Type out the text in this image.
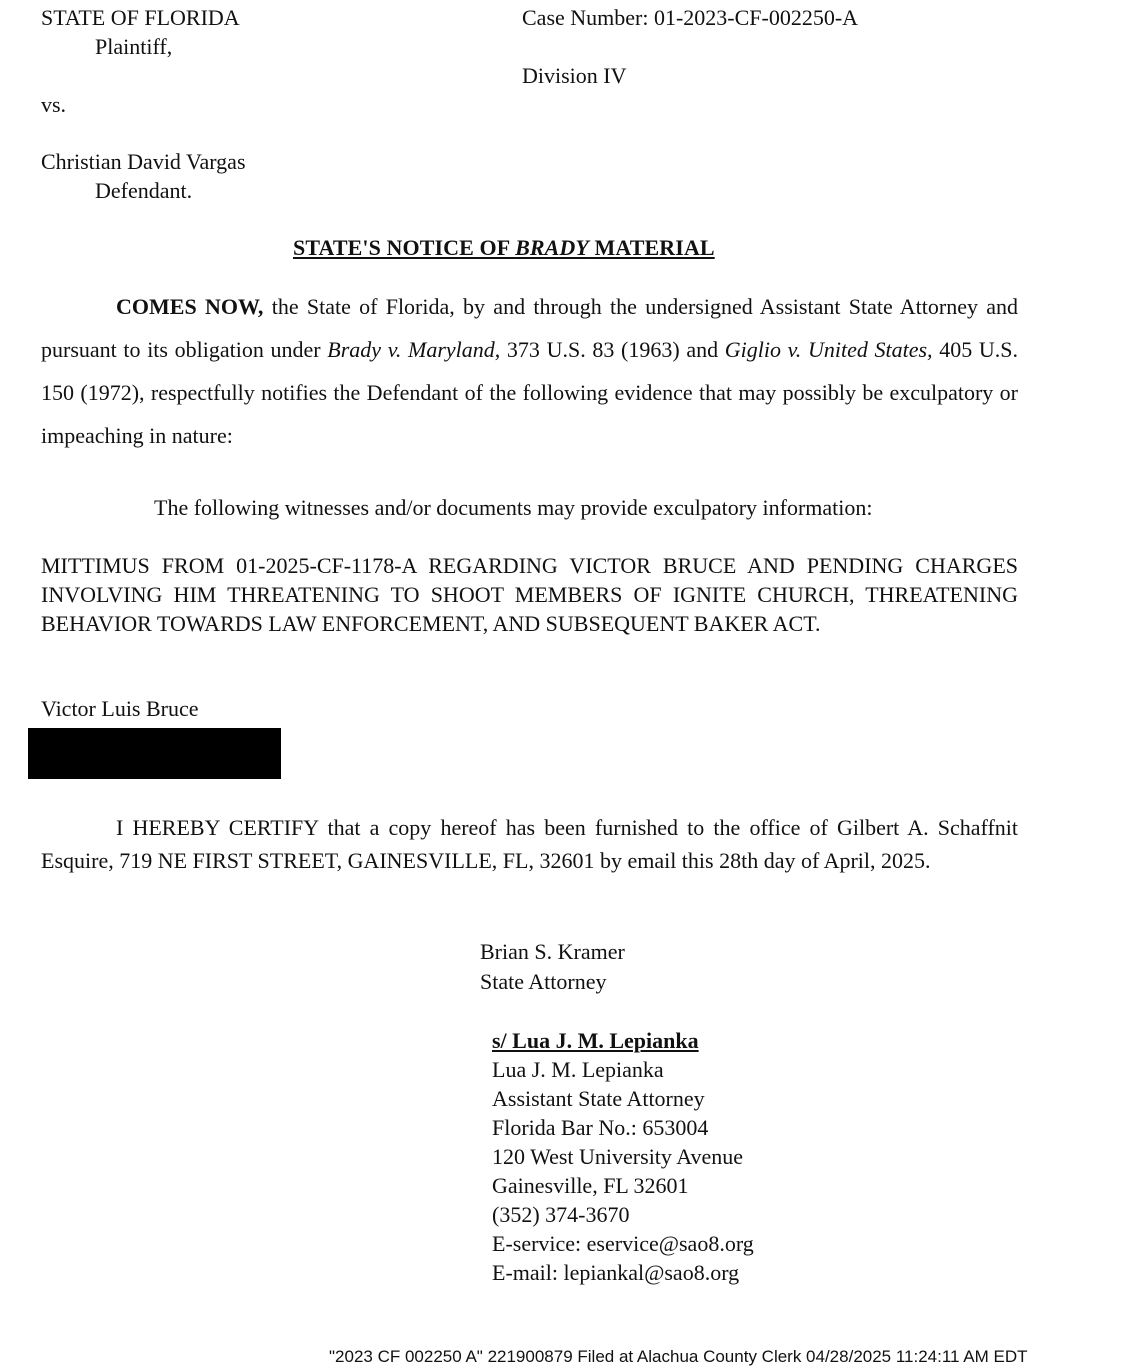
STATE OF FLORIDA
Plaintiff,
vs.
Christian David Vargas
Defendant.
Case Number: 01-2023-CF-002250-A
Division IV
STATE'S NOTICE OF BRADY MATERIAL
COMES NOW, the State of Florida, by and through the undersigned Assistant State Attorney and pursuant to its obligation under Brady v. Maryland, 373 U.S. 83 (1963) and Giglio v. United States, 405 U.S. 150 (1972), respectfully notifies the Defendant of the following evidence that may possibly be exculpatory or impeaching in nature:
The following witnesses and/or documents may provide exculpatory information:
MITTIMUS FROM 01-2025-CF-1178-A REGARDING VICTOR BRUCE AND PENDING CHARGES INVOLVING HIM THREATENING TO SHOOT MEMBERS OF IGNITE CHURCH, THREATENING BEHAVIOR TOWARDS LAW ENFORCEMENT, AND SUBSEQUENT BAKER ACT.
Victor Luis Bruce
I HEREBY CERTIFY that a copy hereof has been furnished to the office of Gilbert A. Schaffnit Esquire, 719 NE FIRST STREET, GAINESVILLE, FL, 32601 by email this 28th day of April, 2025.
Brian S. Kramer
State Attorney
s/ Lua J. M. Lepianka
Lua J. M. Lepianka
Assistant State Attorney
Florida Bar No.: 653004
120 West University Avenue
Gainesville, FL 32601
(352) 374-3670
E-service: eservice@sao8.org
E-mail: lepiankal@sao8.org
"2023 CF 002250 A" 221900879 Filed at Alachua County Clerk 04/28/2025 11:24:11 AM EDT
